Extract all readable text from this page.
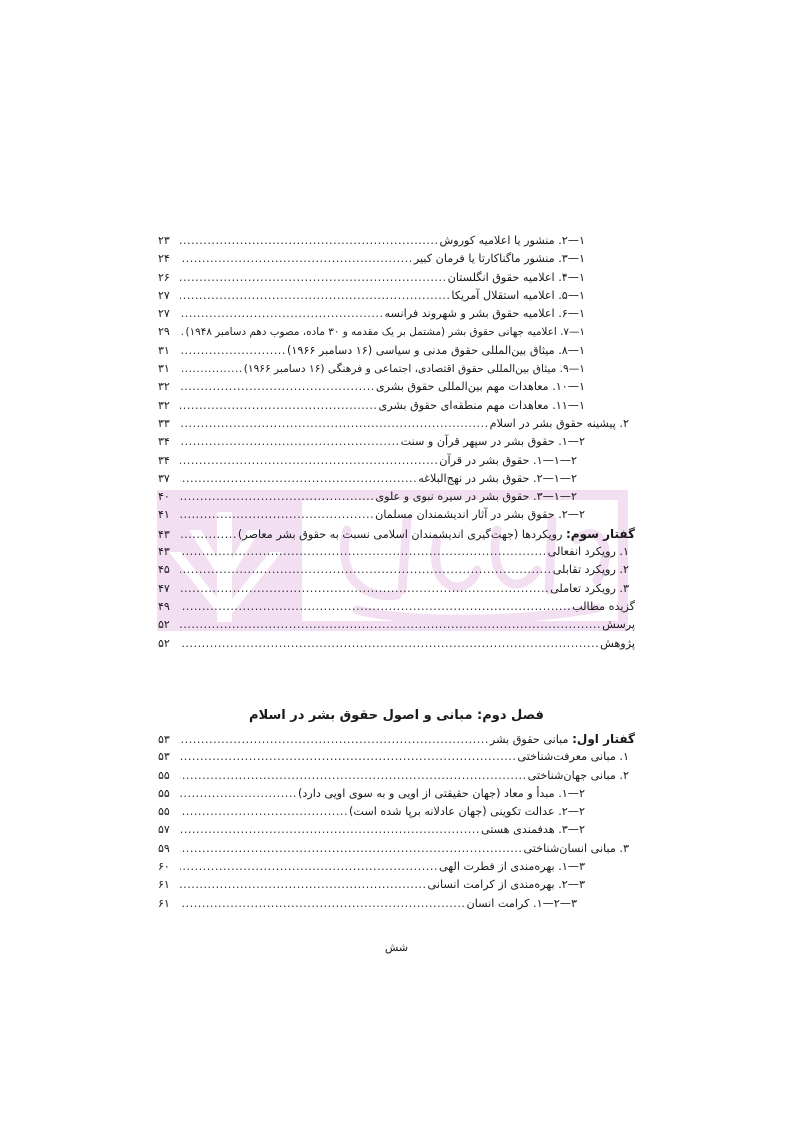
۱—۲. منشور یا اعلامیه کوروش
.....
۲۳
۱—۳. منشور ماگناکارتا یا فرمان کبیر
.....
۲۴
۱—۴. اعلامیه حقوق انگلستان
.....
۲۶
۱—۵. اعلامیه استقلال آمریکا
.....
۲۷
۱—۶. اعلامیه حقوق بشر و شهروند فرانسه
.....
۲۷
۱—۷. اعلامیه جهانی حقوق بشر (مشتمل بر یک مقدمه و ۳۰ ماده، مصوب دهم دسامبر ۱۹۴۸)
.....
۲۹
۱—۸. میثاق بین‌المللی حقوق مدنی و سیاسی (۱۶ دسامبر ۱۹۶۶)
.....
۳۱
۱—۹. میثاق بین‌المللی حقوق اقتصادی، اجتماعی و فرهنگی (۱۶ دسامبر ۱۹۶۶)
.....
۳۱
۱—۱۰. معاهدات مهم بین‌المللی حقوق بشری
.....
۳۲
۱—۱۱. معاهدات مهم منطقه‌ای حقوق بشری
.....
۳۲
۲. پیشینه حقوق بشر در اسلام
.....
۳۳
۲—۱. حقوق بشر در سپهر قرآن و سنت
.....
۳۴
۲—۱—۱. حقوق بشر در قرآن
.....
۳۴
۲—۱—۲. حقوق بشر در نهج‌البلاغه
.....
۳۷
۲—۱—۳. حقوق بشر در سیره نبوی و علوی
.....
۴۰
۲—۲. حقوق بشر در آثار اندیشمندان مسلمان
.....
۴۱
گفتار سوم: رویکردها (جهت‌گیری اندیشمندان اسلامی نسبت به حقوق بشر معاصر)
.....
۴۳
۱. رویکرد انفعالی
.....
۴۳
۲. رویکرد تقابلی
.....
۴۵
۳. رویکرد تعاملی
.....
۴۷
گزیده مطالب
.....
۴۹
پرسش
.....
۵۲
پژوهش
.....
۵۲
فصل دوم: مبانی و اصول حقوق بشر در اسلام
گفتار اول: مبانی حقوق بشر
.....
۵۳
۱. مبانی معرفت‌شناختی
.....
۵۳
۲. مبانی جهان‌شناختی
.....
۵۵
۲—۱. مبدأ و معاد (جهان حقیقتی از اویی و به سوی اویی دارد)
.....
۵۵
۲—۲. عدالت تکوینی (جهان عادلانه برپا شده است)
.....
۵۵
۲—۳. هدفمندی هستی
.....
۵۷
۳. مبانی انسان‌شناختی
.....
۵۹
۳—۱. بهره‌مندی از فطرت الهی
.....
۶۰
۳—۲. بهره‌مندی از کرامت انسانی
.....
۶۱
۳—۲—۱. کرامت انسان
.....
۶۱
شش
